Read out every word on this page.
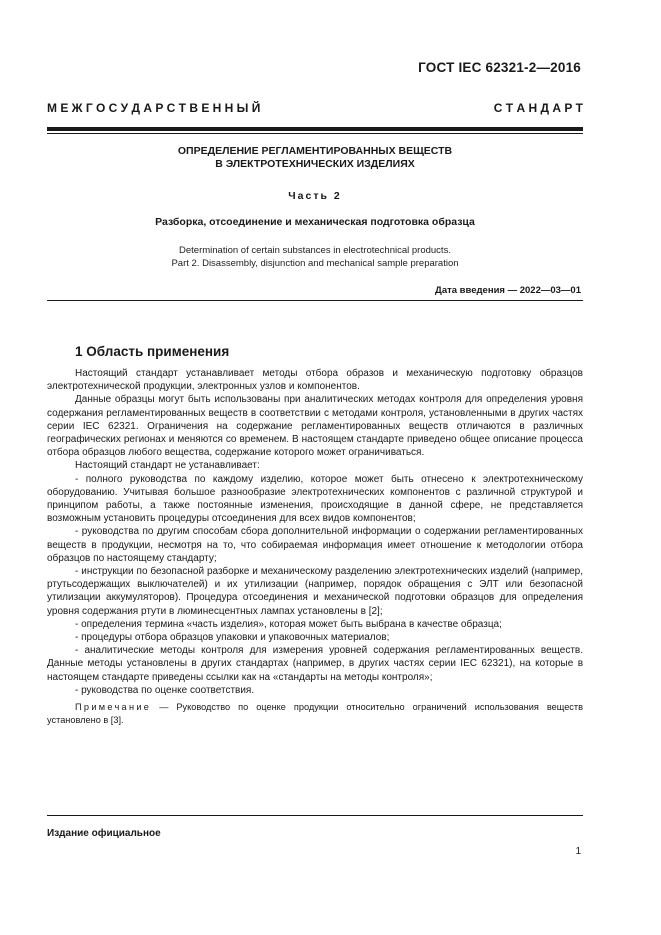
ГОСТ IEC 62321-2—2016
М Е Ж Г О С У Д А Р С Т В Е Н Н Ы Й	С Т А Н Д А Р Т
ОПРЕДЕЛЕНИЕ РЕГЛАМЕНТИРОВАННЫХ ВЕЩЕСТВ
В ЭЛЕКТРОТЕХНИЧЕСКИХ ИЗДЕЛИЯХ
Часть 2
Разборка, отсоединение и механическая подготовка образца
Determination of certain substances in electrotechnical products.
Part 2. Disassembly, disjunction and mechanical sample preparation
Дата введения — 2022—03—01
1 Область применения

Настоящий стандарт устанавливает методы отбора образов и механическую подготовку образцов электротехнической продукции, электронных узлов и компонентов.

Данные образцы могут быть использованы при аналитических методах контроля для определения уровня содержания регламентированных веществ в соответствии с методами контроля, установленными в других частях серии IEC 62321. Ограничения на содержание регламентированных веществ отличаются в различных географических регионах и меняются со временем. В настоящем стандарте приведено общее описание процесса отбора образцов любого вещества, содержание которого может ограничиваться.

Настоящий стандарт не устанавливает:

- полного руководства по каждому изделию, которое может быть отнесено к электротехническому оборудованию. Учитывая большое разнообразие электротехнических компонентов с различной структурой и принципом работы, а также постоянные изменения, происходящие в данной сфере, не представляется возможным установить процедуры отсоединения для всех видов компонентов;

- руководства по другим способам сбора дополнительной информации о содержании регламентированных веществ в продукции, несмотря на то, что собираемая информация имеет отношение к методологии отбора образцов по настоящему стандарту;

- инструкции по безопасной разборке и механическому разделению электротехнических изделий (например, ртутьсодержащих выключателей) и их утилизации (например, порядок обращения с ЭЛТ или безопасной утилизации аккумуляторов). Процедура отсоединения и механической подготовки образцов для определения уровня содержания ртути в люминесцентных лампах установлены в [2];

- определения термина «часть изделия», которая может быть выбрана в качестве образца;

- процедуры отбора образцов упаковки и упаковочных материалов;

- аналитические методы контроля для измерения уровней содержания регламентированных веществ. Данные методы установлены в других стандартах (например, в других частях серии IEC 62321), на которые в настоящем стандарте приведены ссылки как на «стандарты на методы контроля»;

- руководства по оценке соответствия.

Примечание — Руководство по оценке продукции относительно ограничений использования веществ установлено в [3].

Издание официальное
1
